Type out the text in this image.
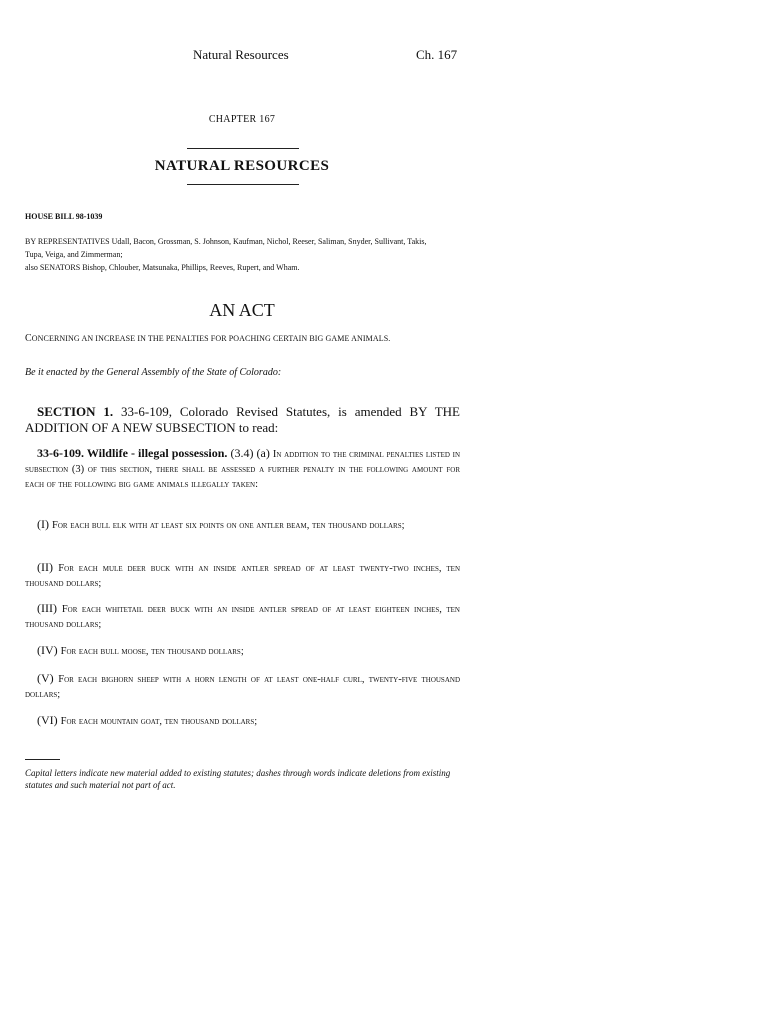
Natural Resources	Ch. 167
CHAPTER 167
NATURAL RESOURCES
HOUSE BILL 98-1039
BY REPRESENTATIVES Udall, Bacon, Grossman, S. Johnson, Kaufman, Nichol, Reeser, Saliman, Snyder, Sullivant, Takis,
Tupa, Veiga, and Zimmerman;
also SENATORS Bishop, Chlouber, Matsunaka, Phillips, Reeves, Rupert, and Wham.
AN ACT
CONCERNING AN INCREASE IN THE PENALTIES FOR POACHING CERTAIN BIG GAME ANIMALS.
Be it enacted by the General Assembly of the State of Colorado:
SECTION 1. 33-6-109, Colorado Revised Statutes, is amended BY THE ADDITION OF A NEW SUBSECTION to read:
33-6-109. Wildlife - illegal possession. (3.4) (a) In addition to the criminal penalties listed in subsection (3) of this section, there shall be assessed a further penalty in the following amount for each of the following big game animals illegally taken:
(I) For each bull elk with at least six points on one antler beam, ten thousand dollars;
(II) For each mule deer buck with an inside antler spread of at least twenty-two inches, ten thousand dollars;
(III) For each whitetail deer buck with an inside antler spread of at least eighteen inches, ten thousand dollars;
(IV) For each bull moose, ten thousand dollars;
(V) For each bighorn sheep with a horn length of at least one-half curl, twenty-five thousand dollars;
(VI) For each mountain goat, ten thousand dollars;
Capital letters indicate new material added to existing statutes; dashes through words indicate deletions from existing statutes and such material not part of act.
